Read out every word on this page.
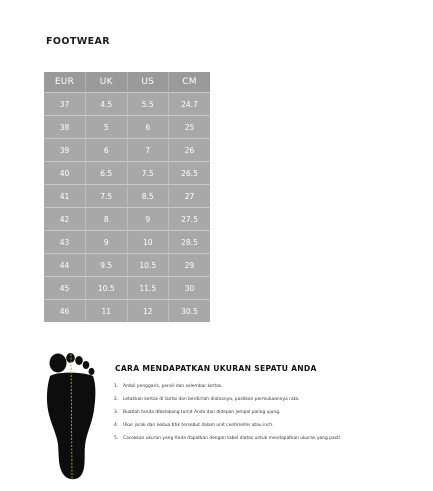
FOOTWEAR
EUR	UK	US	CM
37	4.5	5.5	24.7
38	5	6	25
39	6	7	26
40	6.5	7.5	26.5
41	7.5	8.5	27
42	8	9	27.5
43	9	10	28.5
44	9.5	10.5	29
45	10.5	11.5	30
46	11	12	30.5
CARA MENDAPATKAN UKURAN SEPATU ANDA
1. Ambil penggaris, pensil dan selembar kertas.
2. Letakkan kertas di lantai dan berdirilah diatasnya, pastikan permukaannya rata.
3. Buatlah tanda dibelakang tumit Anda dan didepan jempol paling ujung.
4. Ukur jarak dari kedua titik tersebut dalam unit centimeter atau inch.
5. Cocokkan ukuran yang Anda dapatkan dengan tabel diatas untuk mendapatkan ukuran yang pasti.
